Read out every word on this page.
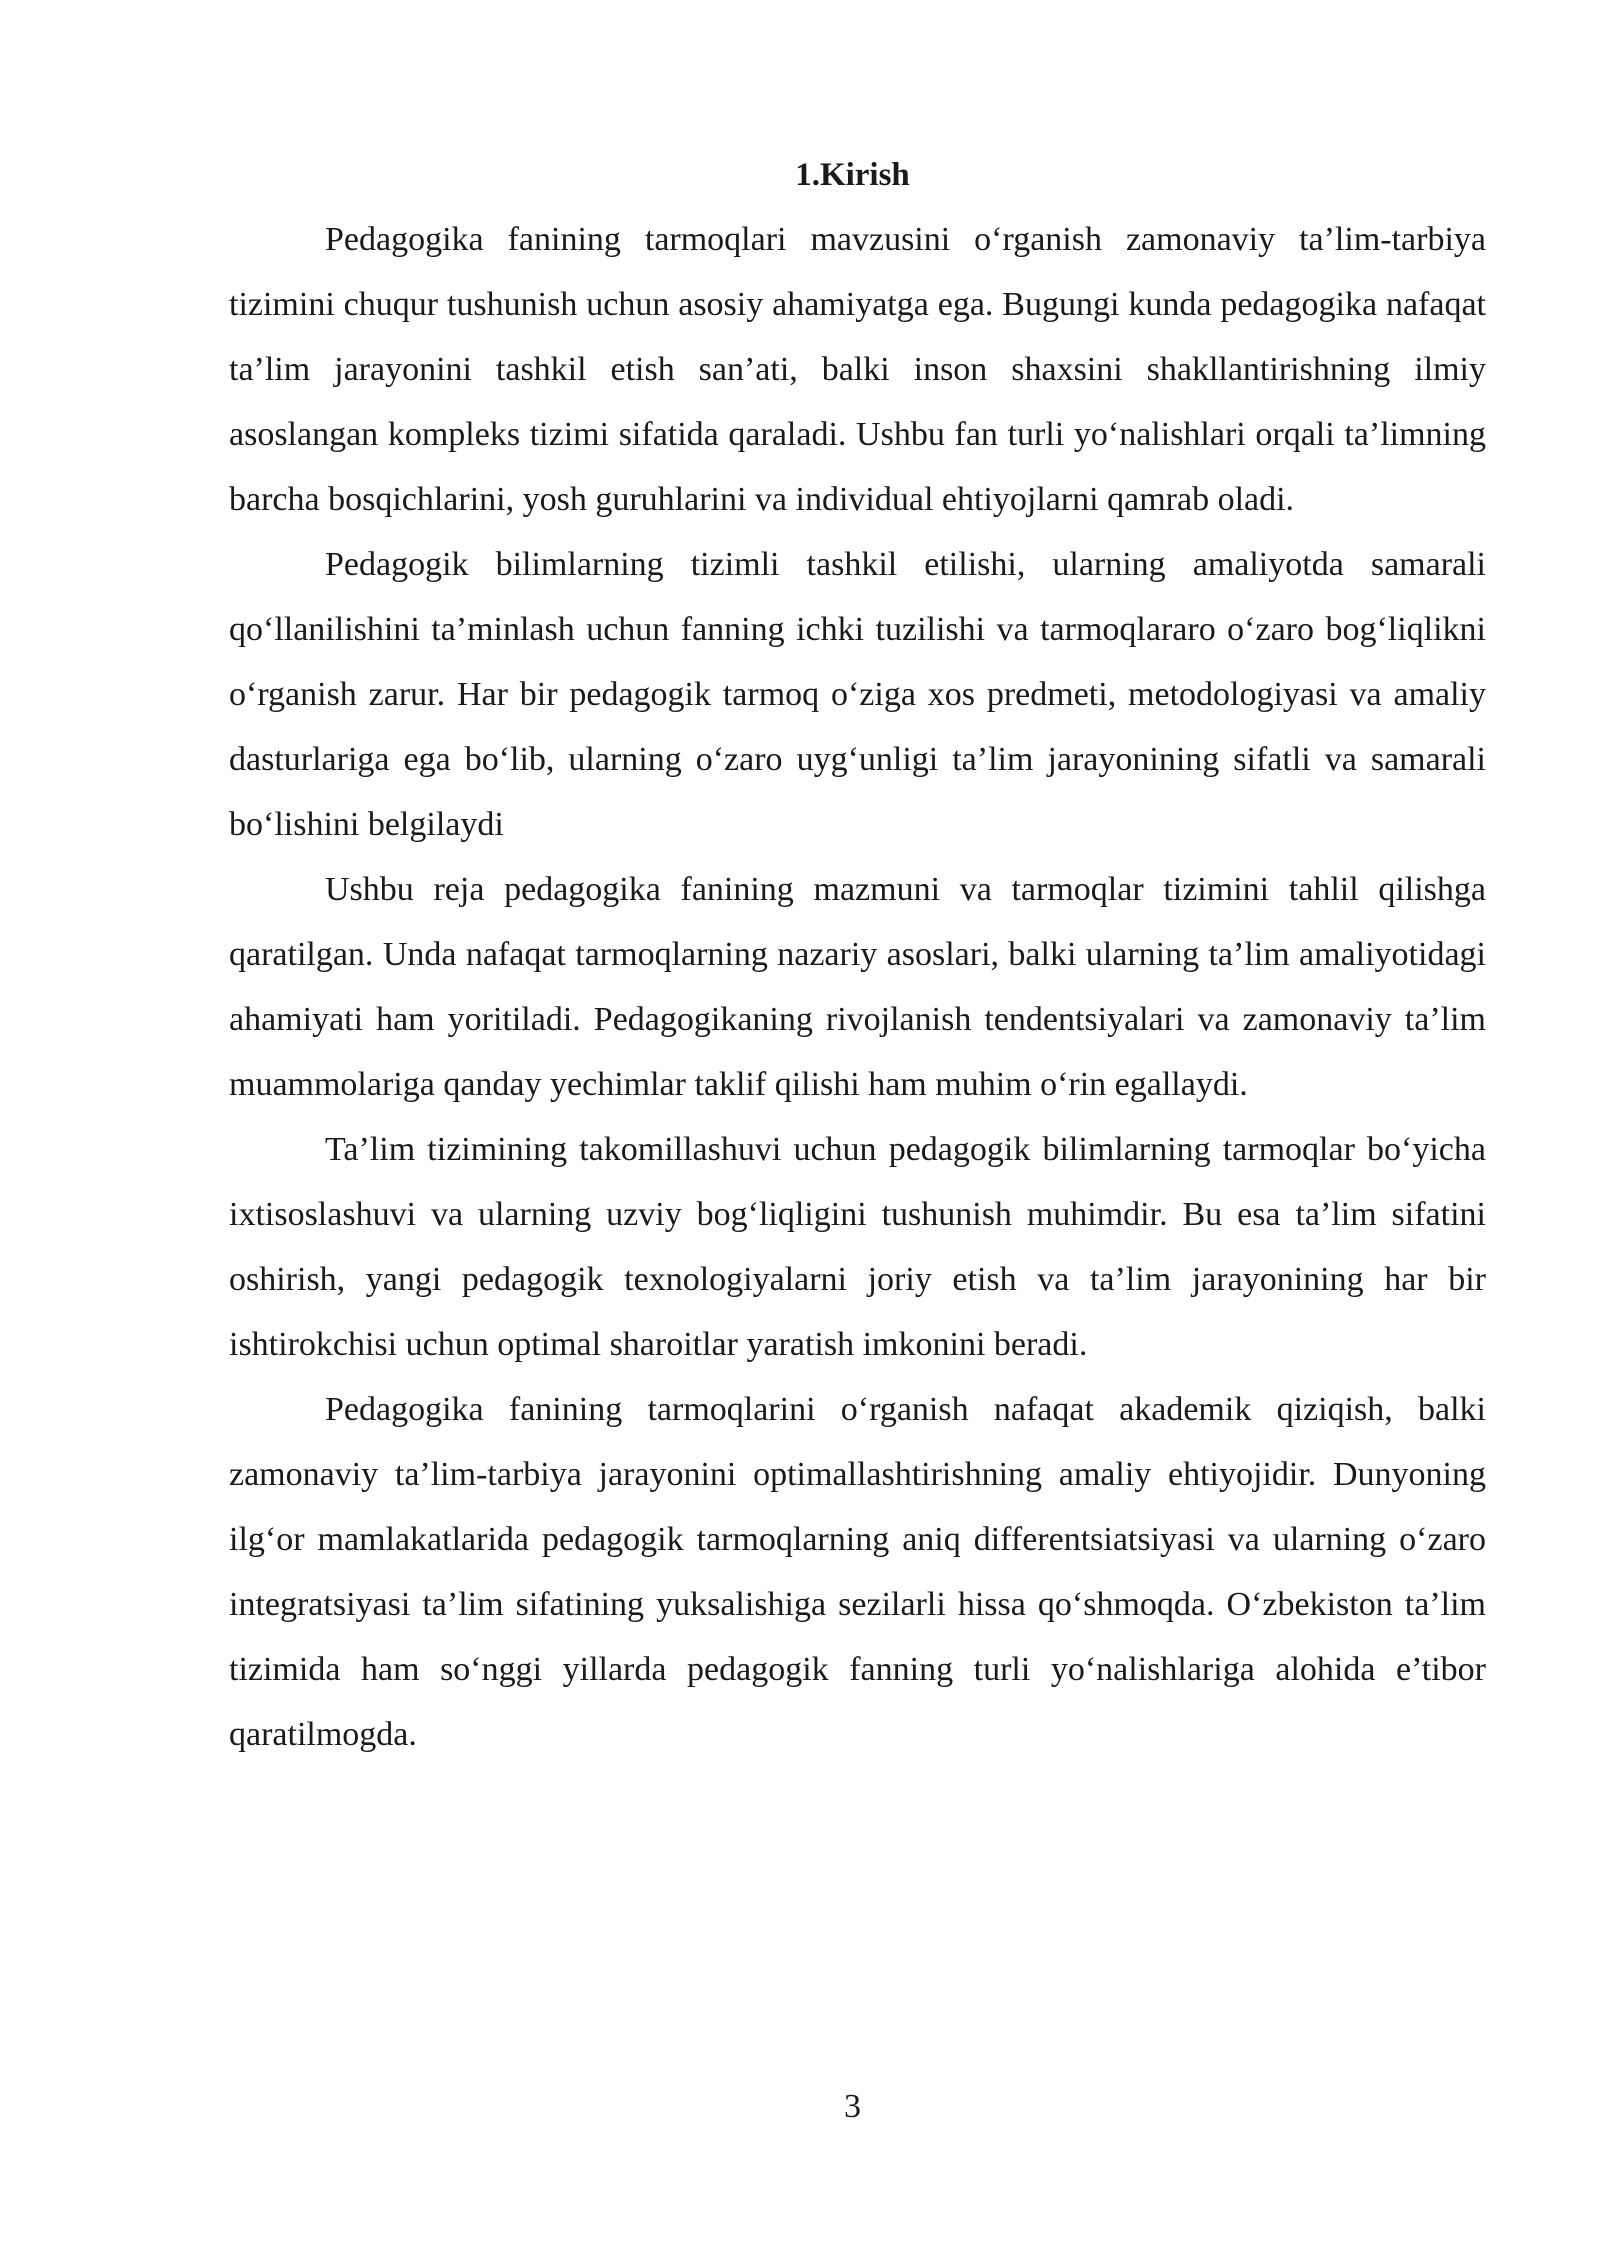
1.Kirish

Pedagogika fanining tarmoqlari mavzusini o‘rganish zamonaviy ta’lim-tarbiya tizimini chuqur tushunish uchun asosiy ahamiyatga ega. Bugungi kunda pedagogika nafaqat ta’lim jarayonini tashkil etish san’ati, balki inson shaxsini shakllantirishning ilmiy asoslangan kompleks tizimi sifatida qaraladi. Ushbu fan turli yo‘nalishlari orqali ta’limning barcha bosqichlarini, yosh guruhlarini va individual ehtiyojlarni qamrab oladi.

Pedagogik bilimlarning tizimli tashkil etilishi, ularning amaliyotda samarali qo‘llanilishini ta’minlash uchun fanning ichki tuzilishi va tarmoqlararo o‘zaro bog‘liqlikni o‘rganish zarur. Har bir pedagogik tarmoq o‘ziga xos predmeti, metodologiyasi va amaliy dasturlariga ega bo‘lib, ularning o‘zaro uyg‘unligi ta’lim jarayonining sifatli va samarali bo‘lishini belgilaydi

Ushbu reja pedagogika fanining mazmuni va tarmoqlar tizimini tahlil qilishga qaratilgan. Unda nafaqat tarmoqlarning nazariy asoslari, balki ularning ta’lim amaliyotidagi ahamiyati ham yoritiladi. Pedagogikaning rivojlanish tendentsiyalari va zamonaviy ta’lim muammolariga qanday yechimlar taklif qilishi ham muhim o‘rin egallaydi.

Ta’lim tizimining takomillashuvi uchun pedagogik bilimlarning tarmoqlar bo‘yicha ixtisoslashuvi va ularning uzviy bog‘liqligini tushunish muhimdir. Bu esa ta’lim sifatini oshirish, yangi pedagogik texnologiyalarni joriy etish va ta’lim jarayonining har bir ishtirokchisi uchun optimal sharoitlar yaratish imkonini beradi.

Pedagogika fanining tarmoqlarini o‘rganish nafaqat akademik qiziqish, balki zamonaviy ta’lim-tarbiya jarayonini optimallashtirishning amaliy ehtiyojidir. Dunyoning ilg‘or mamlakatlarida pedagogik tarmoqlarning aniq differentsiatsiyasi va ularning o‘zaro integratsiyasi ta’lim sifatining yuksalishiga sezilarli hissa qo‘shmoqda. O‘zbekiston ta’lim tizimida ham so‘nggi yillarda pedagogik fanning turli yo‘nalishlariga alohida e’tibor qaratilmogda.

3
